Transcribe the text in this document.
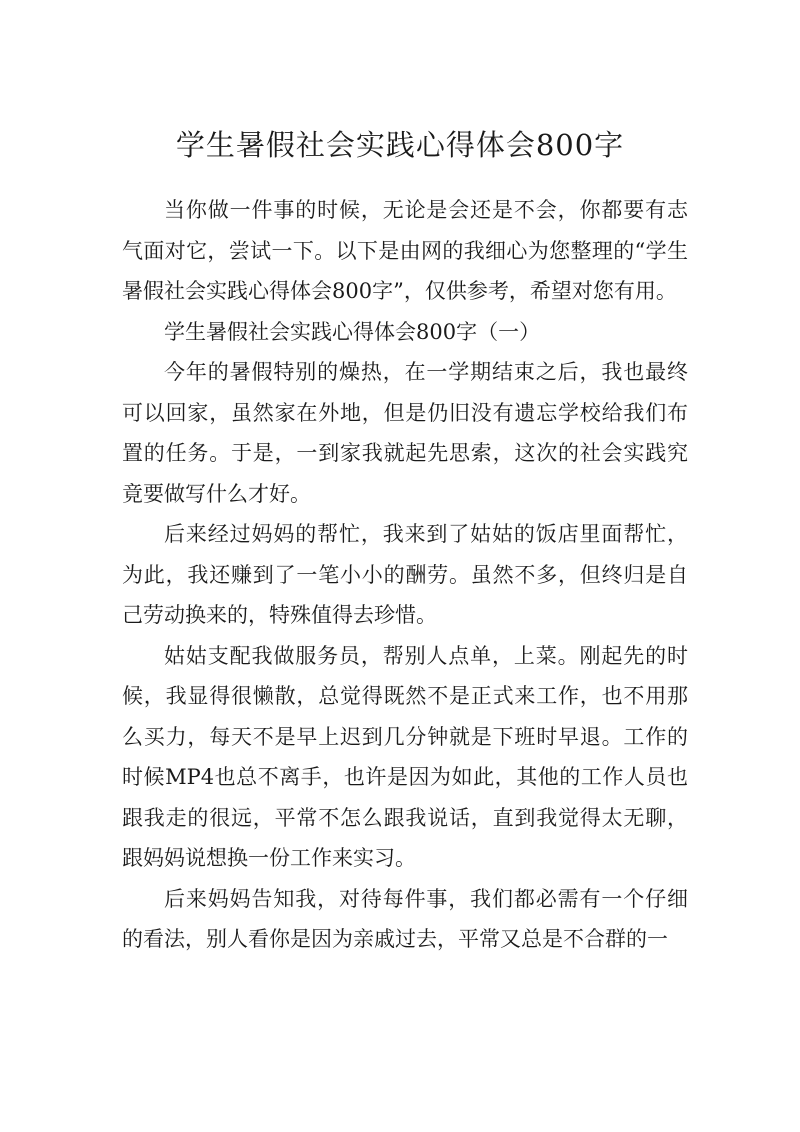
学生暑假社会实践心得体会800字

当你做一件事的时候，无论是会还是不会，你都要有志气面对它，尝试一下。以下是由网的我细心为您整理的“学生暑假社会实践心得体会800字”，仅供参考，希望对您有用。

学生暑假社会实践心得体会800字（一）

今年的暑假特别的燥热，在一学期结束之后，我也最终可以回家，虽然家在外地，但是仍旧没有遗忘学校给我们布置的任务。于是，一到家我就起先思索，这次的社会实践究竟要做写什么才好。

后来经过妈妈的帮忙，我来到了姑姑的饭店里面帮忙，为此，我还赚到了一笔小小的酬劳。虽然不多，但终归是自己劳动换来的，特殊值得去珍惜。

姑姑支配我做服务员，帮别人点单，上菜。刚起先的时候，我显得很懒散，总觉得既然不是正式来工作，也不用那么买力，每天不是早上迟到几分钟就是下班时早退。工作的时候MP4也总不离手，也许是因为如此，其他的工作人员也跟我走的很远，平常不怎么跟我说话，直到我觉得太无聊，跟妈妈说想换一份工作来实习。

后来妈妈告知我，对待每件事，我们都必需有一个仔细的看法，别人看你是因为亲戚过去，平常又总是不合群的一
